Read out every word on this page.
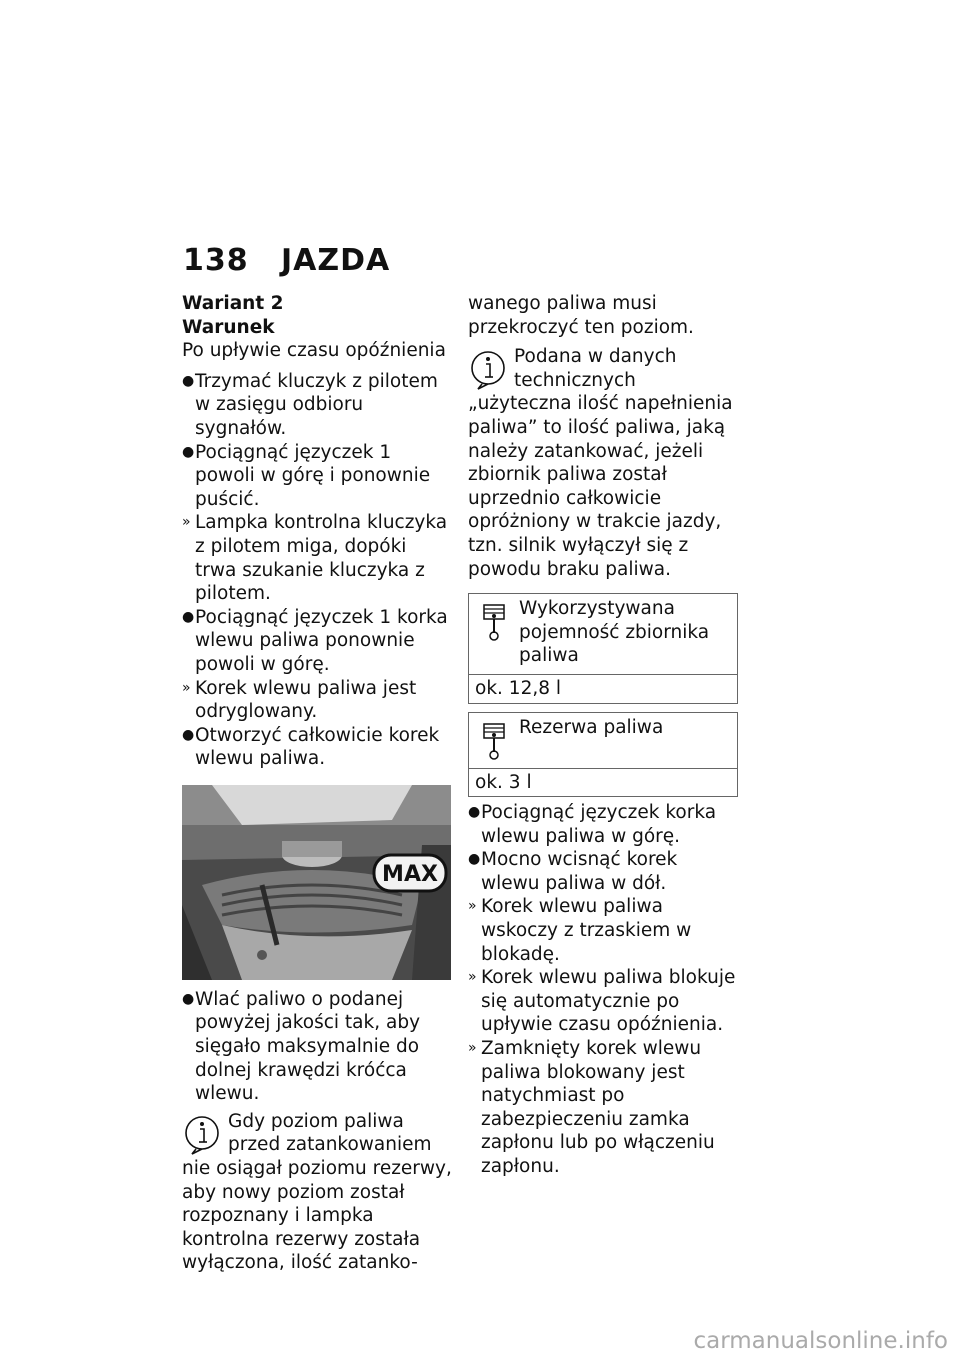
138 JAZDA
Wariant 2
Warunek
Po upływie czasu opóźnienia
● Trzymać kluczyk z pilotem w zasięgu odbioru sygnałów.
● Pociągnąć języczek 1 powoli w górę i ponownie puścić.
» Lampka kontrolna kluczyka z pilotem miga, dopóki trwa szukanie kluczyka z pilotem.
● Pociągnąć języczek 1 korka wlewu paliwa ponownie powoli w górę.
» Korek wlewu paliwa jest odryglowany.
● Otworzyć całkowicie korek wlewu paliwa.
MAX
● Wlać paliwo o podanej powyżej jakości tak, aby sięgało maksymalnie do dolnej krawędzi króćca wlewu.
Gdy poziom paliwa przed zatankowaniem nie osiągał poziomu rezerwy, aby nowy poziom został rozpoznany i lampka kontrolna rezerwy została wyłączona, ilość zatanko-
wanego paliwa musi przekroczyć ten poziom.
Podana w danych technicznych „użyteczna ilość napełnienia paliwa” to ilość paliwa, jaką należy zatankować, jeżeli zbiornik paliwa został uprzednio całkowicie opróżniony w trakcie jazdy, tzn. silnik wyłączył się z powodu braku paliwa.
Wykorzystywana pojemność zbiornika paliwa
ok. 12,8 l
Rezerwa paliwa
ok. 3 l
● Pociągnąć języczek korka wlewu paliwa w górę.
● Mocno wcisnąć korek wlewu paliwa w dół.
» Korek wlewu paliwa wskoczy z trzaskiem w blokadę.
» Korek wlewu paliwa blokuje się automatycznie po upływie czasu opóźnienia.
» Zamknięty korek wlewu paliwa blokowany jest natychmiast po zabezpieczeniu zamka zapłonu lub po włączeniu zapłonu.
carmanualsonline.info
